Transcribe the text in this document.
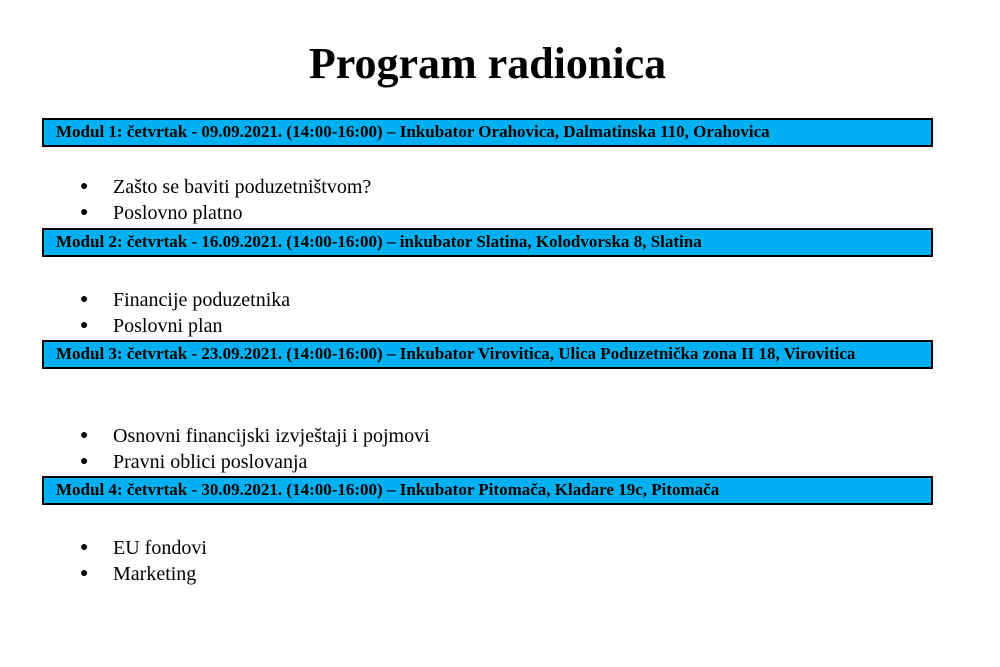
Program radionica
Modul 1: četvrtak - 09.09.2021. (14:00-16:00) – Inkubator Orahovica, Dalmatinska 110, Orahovica
● Zašto se baviti poduzetništvom?
● Poslovno platno
Modul 2: četvrtak - 16.09.2021. (14:00-16:00) – inkubator Slatina, Kolodvorska 8, Slatina
● Financije poduzetnika
● Poslovni plan
Modul 3: četvrtak - 23.09.2021. (14:00-16:00) – Inkubator Virovitica, Ulica Poduzetnička zona II 18, Virovitica
● Osnovni financijski izvještaji i pojmovi
● Pravni oblici poslovanja
Modul 4: četvrtak - 30.09.2021. (14:00-16:00) – Inkubator Pitomača, Kladare 19c, Pitomača
● EU fondovi
● Marketing
